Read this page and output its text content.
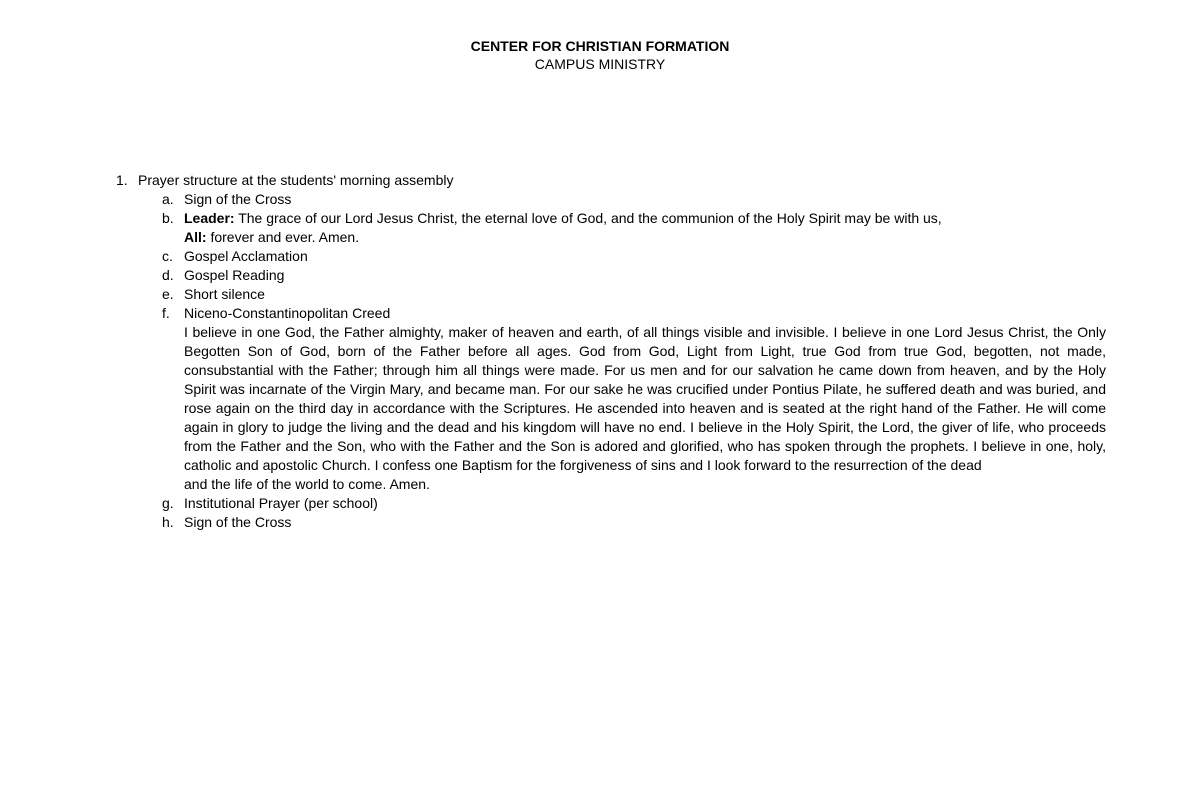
CENTER FOR CHRISTIAN FORMATION
CAMPUS MINISTRY
1. Prayer structure at the students' morning assembly
a. Sign of the Cross
b. Leader: The grace of our Lord Jesus Christ, the eternal love of God, and the communion of the Holy Spirit may be with us,
All: forever and ever. Amen.
c. Gospel Acclamation
d. Gospel Reading
e. Short silence
f. Niceno-Constantinopolitan Creed
I believe in one God, the Father almighty, maker of heaven and earth, of all things visible and invisible. I believe in one Lord Jesus Christ, the Only Begotten Son of God, born of the Father before all ages. God from God, Light from Light, true God from true God, begotten, not made, consubstantial with the Father; through him all things were made. For us men and for our salvation he came down from heaven, and by the Holy Spirit was incarnate of the Virgin Mary, and became man. For our sake he was crucified under Pontius Pilate, he suffered death and was buried, and rose again on the third day in accordance with the Scriptures. He ascended into heaven and is seated at the right hand of the Father. He will come again in glory to judge the living and the dead and his kingdom will have no end. I believe in the Holy Spirit, the Lord, the giver of life, who proceeds from the Father and the Son, who with the Father and the Son is adored and glorified, who has spoken through the prophets. I believe in one, holy, catholic and apostolic Church. I confess one Baptism for the forgiveness of sins and I look forward to the resurrection of the dead
and the life of the world to come. Amen.
g. Institutional Prayer (per school)
h. Sign of the Cross
